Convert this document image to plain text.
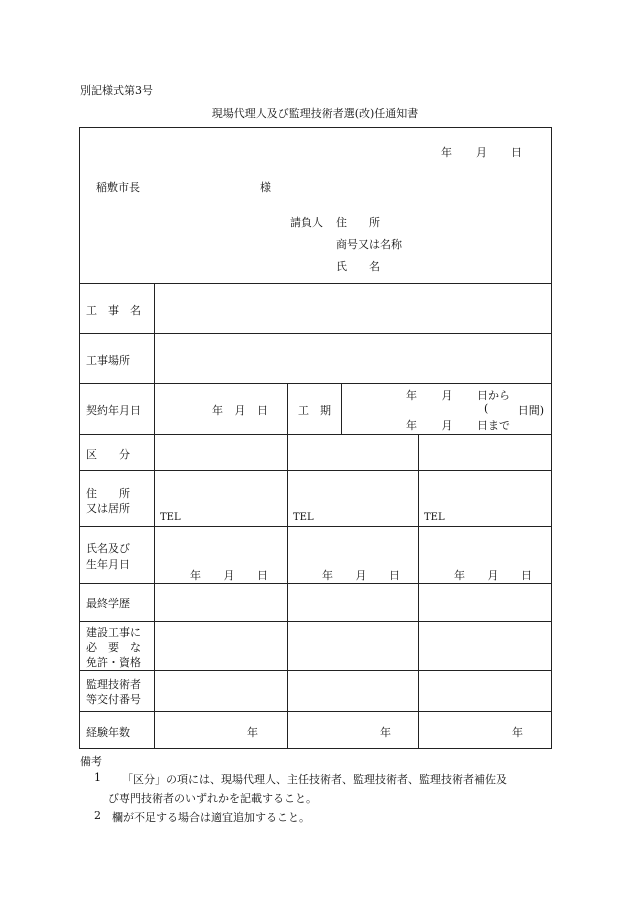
別記様式第3号
現場代理人及び監理技術者選(改)任通知書
年 月 日
稲敷市長	様
請負人 住　　所
商号又は名称
氏　　名
工　事　名
工事場所
契約年月日	年 月 日	工　期
年 月 日から
(	日間)
年 月 日まで
区　　分
住　　所
又は居所
TEL	TEL	TEL
氏名及び
生年月日
年 月 日	年 月 日	年 月 日
最終学歴
建設工事に
必　要　な
免許・資格
監理技術者
等交付番号
経験年数	年	年	年
備考
1 「区分」の項には、現場代理人、主任技術者、監理技術者、監理技術者補佐及
び専門技術者のいずれかを記載すること。
2 欄が不足する場合は適宜追加すること。
